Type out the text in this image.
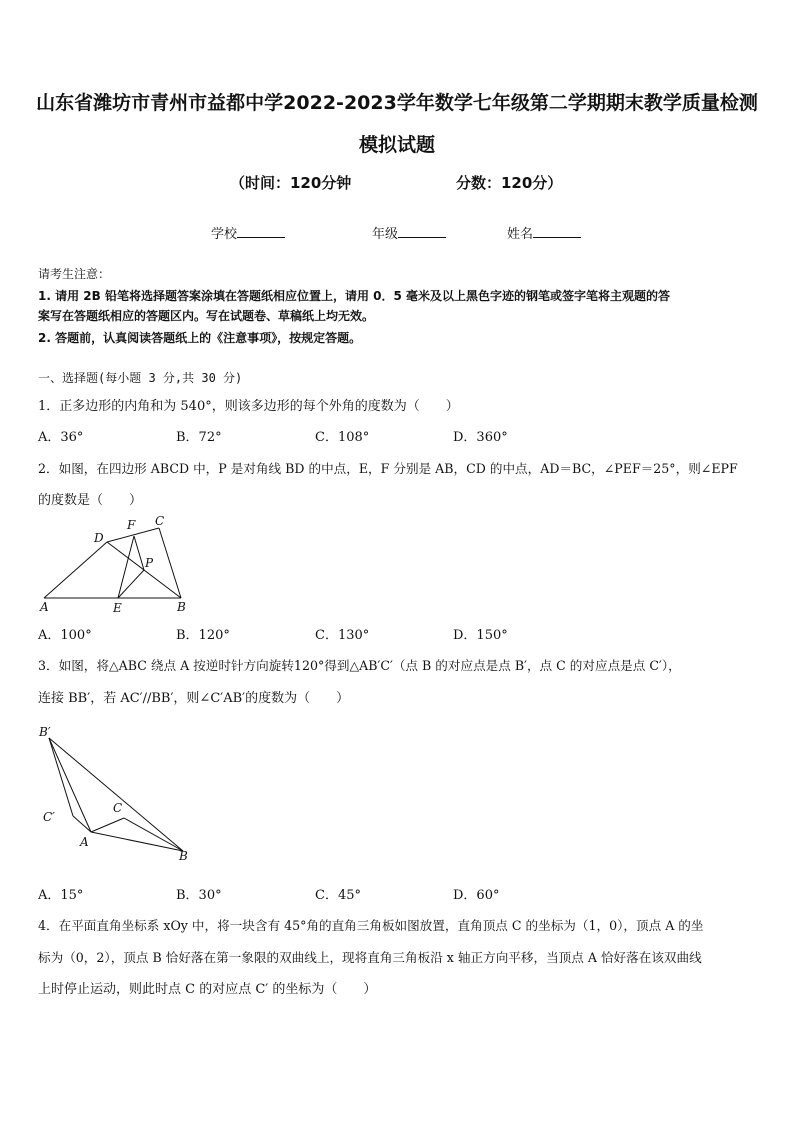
山东省潍坊市青州市益都中学2022-2023学年数学七年级第二学期期末教学质量检测
模拟试题
（时间：120分钟	分数：120分）
学校	年级	姓名
请考生注意：
1. 请用 2B 铅笔将选择题答案涂填在答题纸相应位置上，请用 0．5 毫米及以上黑色字迹的钢笔或签字笔将主观题的答
案写在答题纸相应的答题区内。写在试题卷、草稿纸上均无效。
2. 答题前，认真阅读答题纸上的《注意事项》，按规定答题。
一、选择题(每小题 3 分,共 30 分)
1．正多边形的内角和为 540°，则该多边形的每个外角的度数为（　　）
A．36°	B．72°	C．108°	D．360°
2．如图，在四边形 ABCD 中，P 是对角线 BD 的中点，E，F 分别是 AB，CD 的中点，AD＝BC，∠PEF＝25°，则∠EPF
的度数是（　　）
A	B
C
D
E
F
P
A．100°	B．120°	C．130°	D．150°
3．如图，将△ABC 绕点 A 按逆时针方向旋转120°得到△AB′C′（点 B 的对应点是点 B′，点 C 的对应点是点 C′），
连接 BB′，若 AC′//BB′，则∠C′AB′的度数为（　　）
B′
C′
A
C
B
A．15°	B．30°	C．45°	D．60°
4．在平面直角坐标系 xOy 中，将一块含有 45°角的直角三角板如图放置，直角顶点 C 的坐标为（1，0），顶点 A 的坐
标为（0，2），顶点 B 恰好落在第一象限的双曲线上，现将直角三角板沿 x 轴正方向平移，当顶点 A 恰好落在该双曲线
上时停止运动，则此时点 C 的对应点 C′ 的坐标为（　　）
